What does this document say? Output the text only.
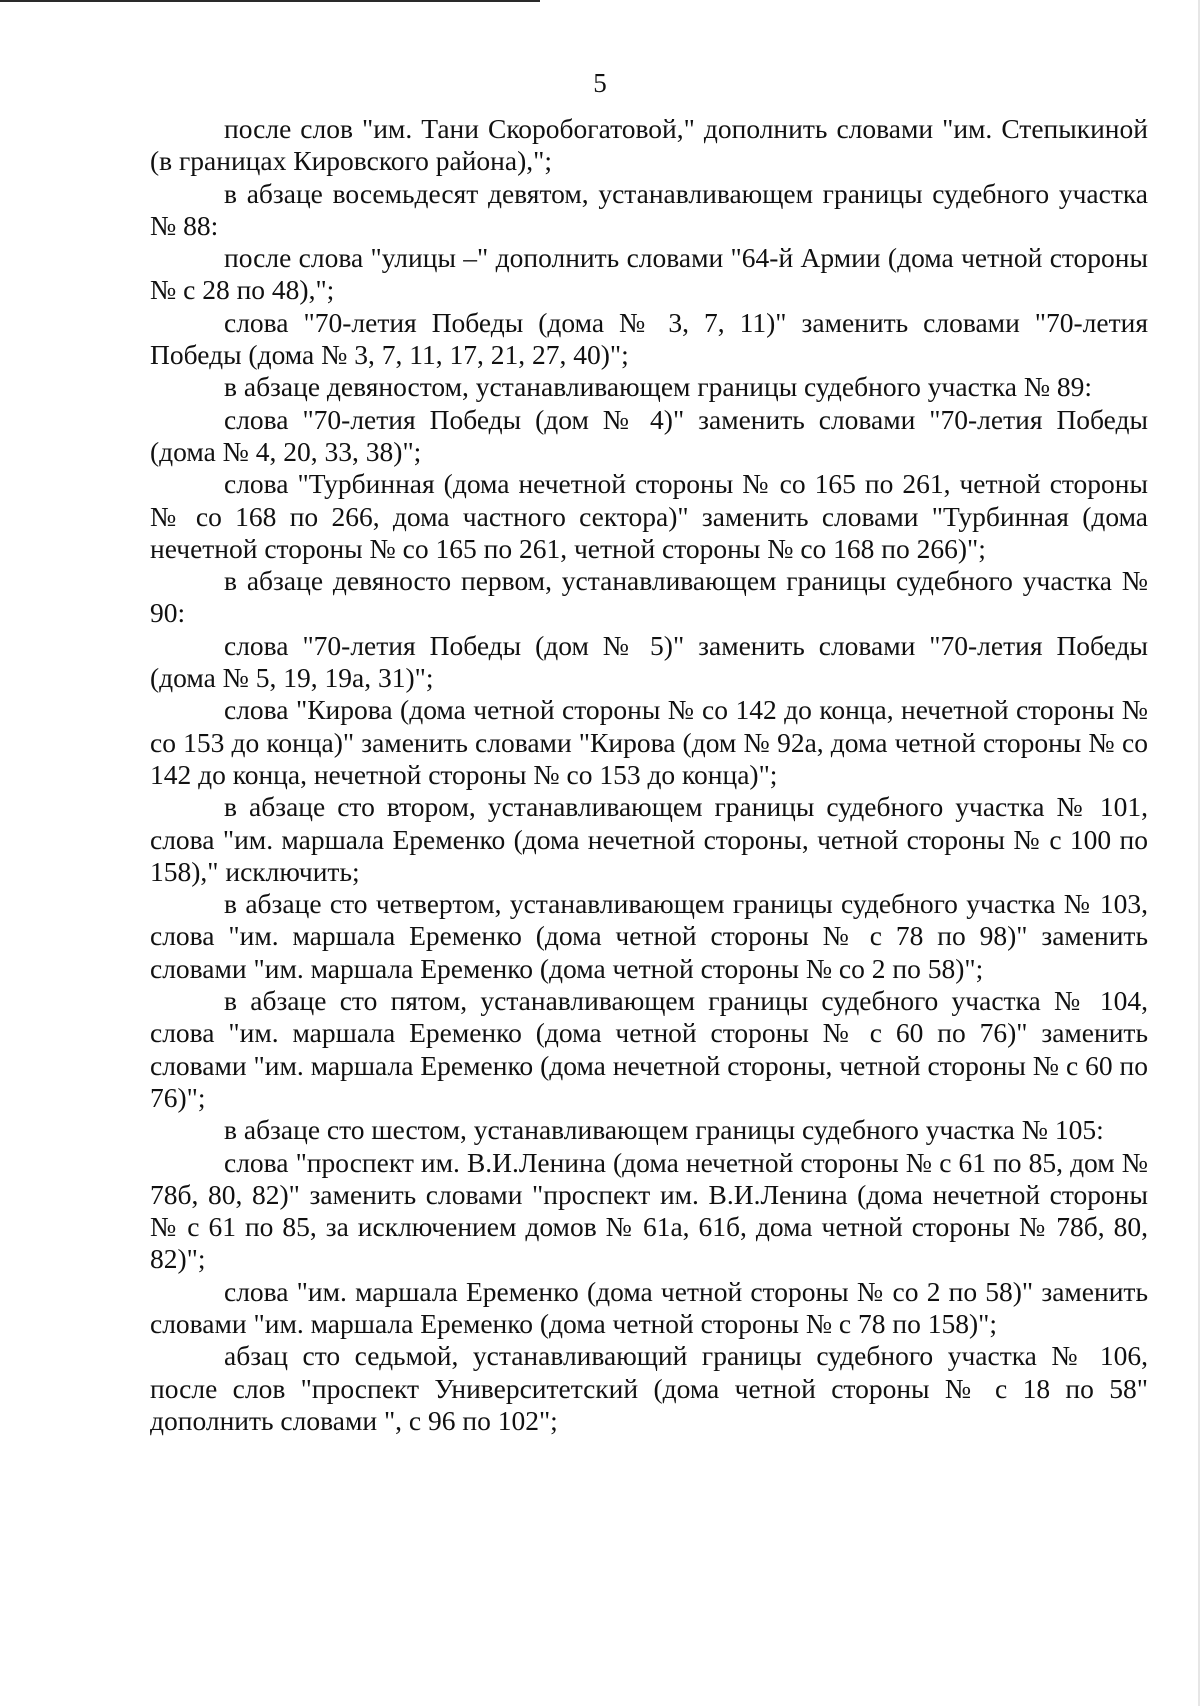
5

после слов "им. Тани Скоробогатовой," дополнить словами "им. Степыкиной (в границах Кировского района),";

в абзаце восемьдесят девятом, устанавливающем границы судебного участка № 88:

после слова "улицы –" дополнить словами "64-й Армии (дома четной стороны № с 28 по 48),";

слова "70-летия Победы (дома № 3, 7, 11)" заменить словами "70-летия Победы (дома № 3, 7, 11, 17, 21, 27, 40)";

в абзаце девяностом, устанавливающем границы судебного участка № 89:

слова "70-летия Победы (дом № 4)" заменить словами "70-летия Победы (дома № 4, 20, 33, 38)";

слова "Турбинная (дома нечетной стороны № со 165 по 261, четной стороны № со 168 по 266, дома частного сектора)" заменить словами "Турбинная (дома нечетной стороны № со 165 по 261, четной стороны № со 168 по 266)";

в абзаце девяносто первом, устанавливающем границы судебного участка № 90:

слова "70-летия Победы (дом № 5)" заменить словами "70-летия Победы (дома № 5, 19, 19а, 31)";

слова "Кирова (дома четной стороны № со 142 до конца, нечетной стороны № со 153 до конца)" заменить словами "Кирова (дом № 92а, дома четной стороны № со 142 до конца, нечетной стороны № со 153 до конца)";

в абзаце сто втором, устанавливающем границы судебного участка № 101, слова "им. маршала Еременко (дома нечетной стороны, четной стороны № с 100 по 158)," исключить;

в абзаце сто четвертом, устанавливающем границы судебного участка № 103, слова "им. маршала Еременко (дома четной стороны № с 78 по 98)" заменить словами "им. маршала Еременко (дома четной стороны № со 2 по 58)";

в абзаце сто пятом, устанавливающем границы судебного участка № 104, слова "им. маршала Еременко (дома четной стороны № с 60 по 76)" заменить словами "им. маршала Еременко (дома нечетной стороны, четной стороны № с 60 по 76)";

в абзаце сто шестом, устанавливающем границы судебного участка № 105:

слова "проспект им. В.И.Ленина (дома нечетной стороны № с 61 по 85, дом № 78б, 80, 82)" заменить словами "проспект им. В.И.Ленина (дома нечетной стороны № с 61 по 85, за исключением домов № 61а, 61б, дома четной стороны № 78б, 80, 82)";

слова "им. маршала Еременко (дома четной стороны № со 2 по 58)" заменить словами "им. маршала Еременко (дома четной стороны № с 78 по 158)";

абзац сто седьмой, устанавливающий границы судебного участка № 106, после слов "проспект Университетский (дома четной стороны № с 18 по 58" дополнить словами ", с 96 по 102";
